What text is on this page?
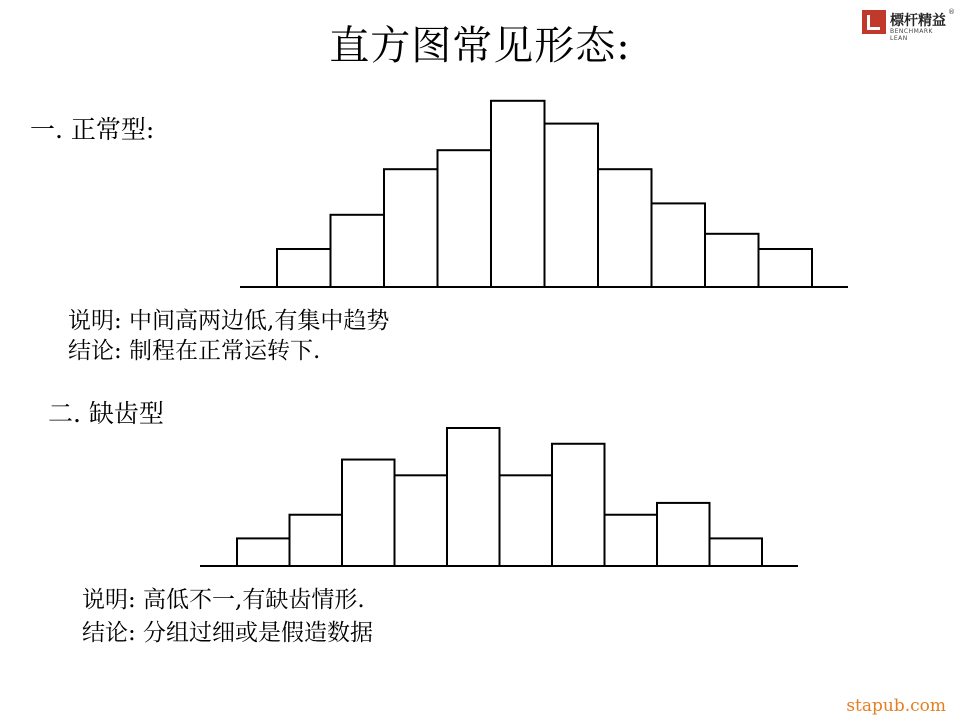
直方图常见形态:
標杆精益
BENCHMARK LEAN
®
一. 正常型:
说明: 中间高两边低,有集中趋势
结论: 制程在正常运转下.
二. 缺齿型
说明: 高低不一,有缺齿情形.
结论: 分组过细或是假造数据
stapub.com
